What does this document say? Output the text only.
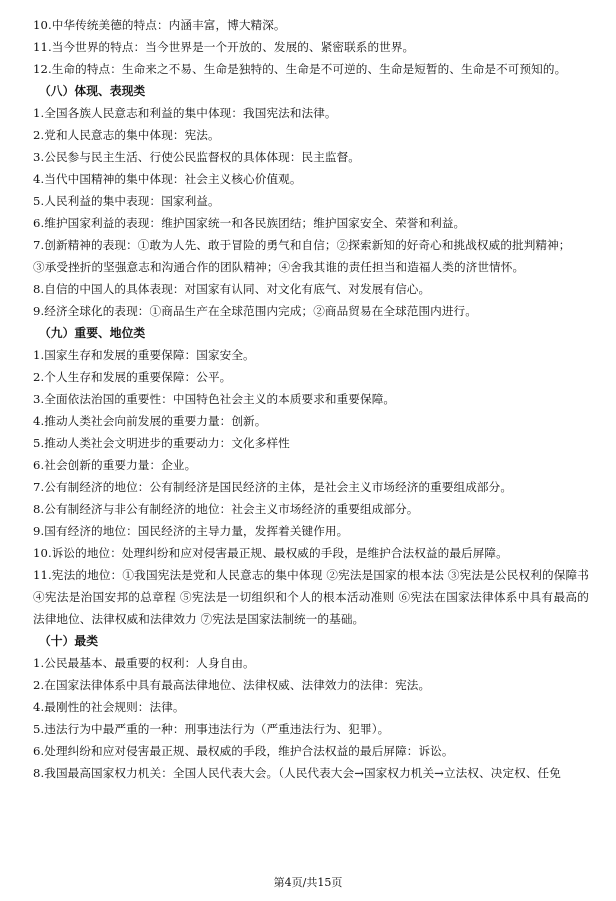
10.中华传统美德的特点：内涵丰富，博大精深。
11.当今世界的特点：当今世界是一个开放的、发展的、紧密联系的世界。
12.生命的特点：生命来之不易、生命是独特的、生命是不可逆的、生命是短暂的、生命是不可预知的。
（八）体现、表现类
1.全国各族人民意志和利益的集中体现：我国宪法和法律。
2.党和人民意志的集中体现：宪法。
3.公民参与民主生活、行使公民监督权的具体体现：民主监督。
4.当代中国精神的集中体现：社会主义核心价值观。
5.人民利益的集中表现：国家利益。
6.维护国家利益的表现：维护国家统一和各民族团结；维护国家安全、荣誉和利益。
7.创新精神的表现：①敢为人先、敢于冒险的勇气和自信；②探索新知的好奇心和挑战权威的批判精神；
③承受挫折的坚强意志和沟通合作的团队精神；④舍我其谁的责任担当和造福人类的济世情怀。
8.自信的中国人的具体表现：对国家有认同、对文化有底气、对发展有信心。
9.经济全球化的表现：①商品生产在全球范围内完成；②商品贸易在全球范围内进行。
（九）重要、地位类
1.国家生存和发展的重要保障：国家安全。
2.个人生存和发展的重要保障：公平。
3.全面依法治国的重要性：中国特色社会主义的本质要求和重要保障。
4.推动人类社会向前发展的重要力量：创新。
5.推动人类社会文明进步的重要动力：文化多样性
6.社会创新的重要力量：企业。
7.公有制经济的地位：公有制经济是国民经济的主体，是社会主义市场经济的重要组成部分。
8.公有制经济与非公有制经济的地位：社会主义市场经济的重要组成部分。
9.国有经济的地位：国民经济的主导力量，发挥着关键作用。
10.诉讼的地位：处理纠纷和应对侵害最正规、最权威的手段，是维护合法权益的最后屏障。
11.宪法的地位：①我国宪法是党和人民意志的集中体现 ②宪法是国家的根本法 ③宪法是公民权利的保障书 ④宪法是治国安邦的总章程 ⑤宪法是一切组织和个人的根本活动准则 ⑥宪法在国家法律体系中具有最高的法律地位、法律权威和法律效力 ⑦宪法是国家法制统一的基础。
（十）最类
1.公民最基本、最重要的权利：人身自由。
2.在国家法律体系中具有最高法律地位、法律权威、法律效力的法律：宪法。
4.最刚性的社会规则：法律。
5.违法行为中最严重的一种：刑事违法行为（严重违法行为、犯罪）。
6.处理纠纷和应对侵害最正规、最权威的手段，维护合法权益的最后屏障：诉讼。
8.我国最高国家权力机关：全国人民代表大会。（人民代表大会→国家权力机关→立法权、决定权、任免
第4页/共15页
